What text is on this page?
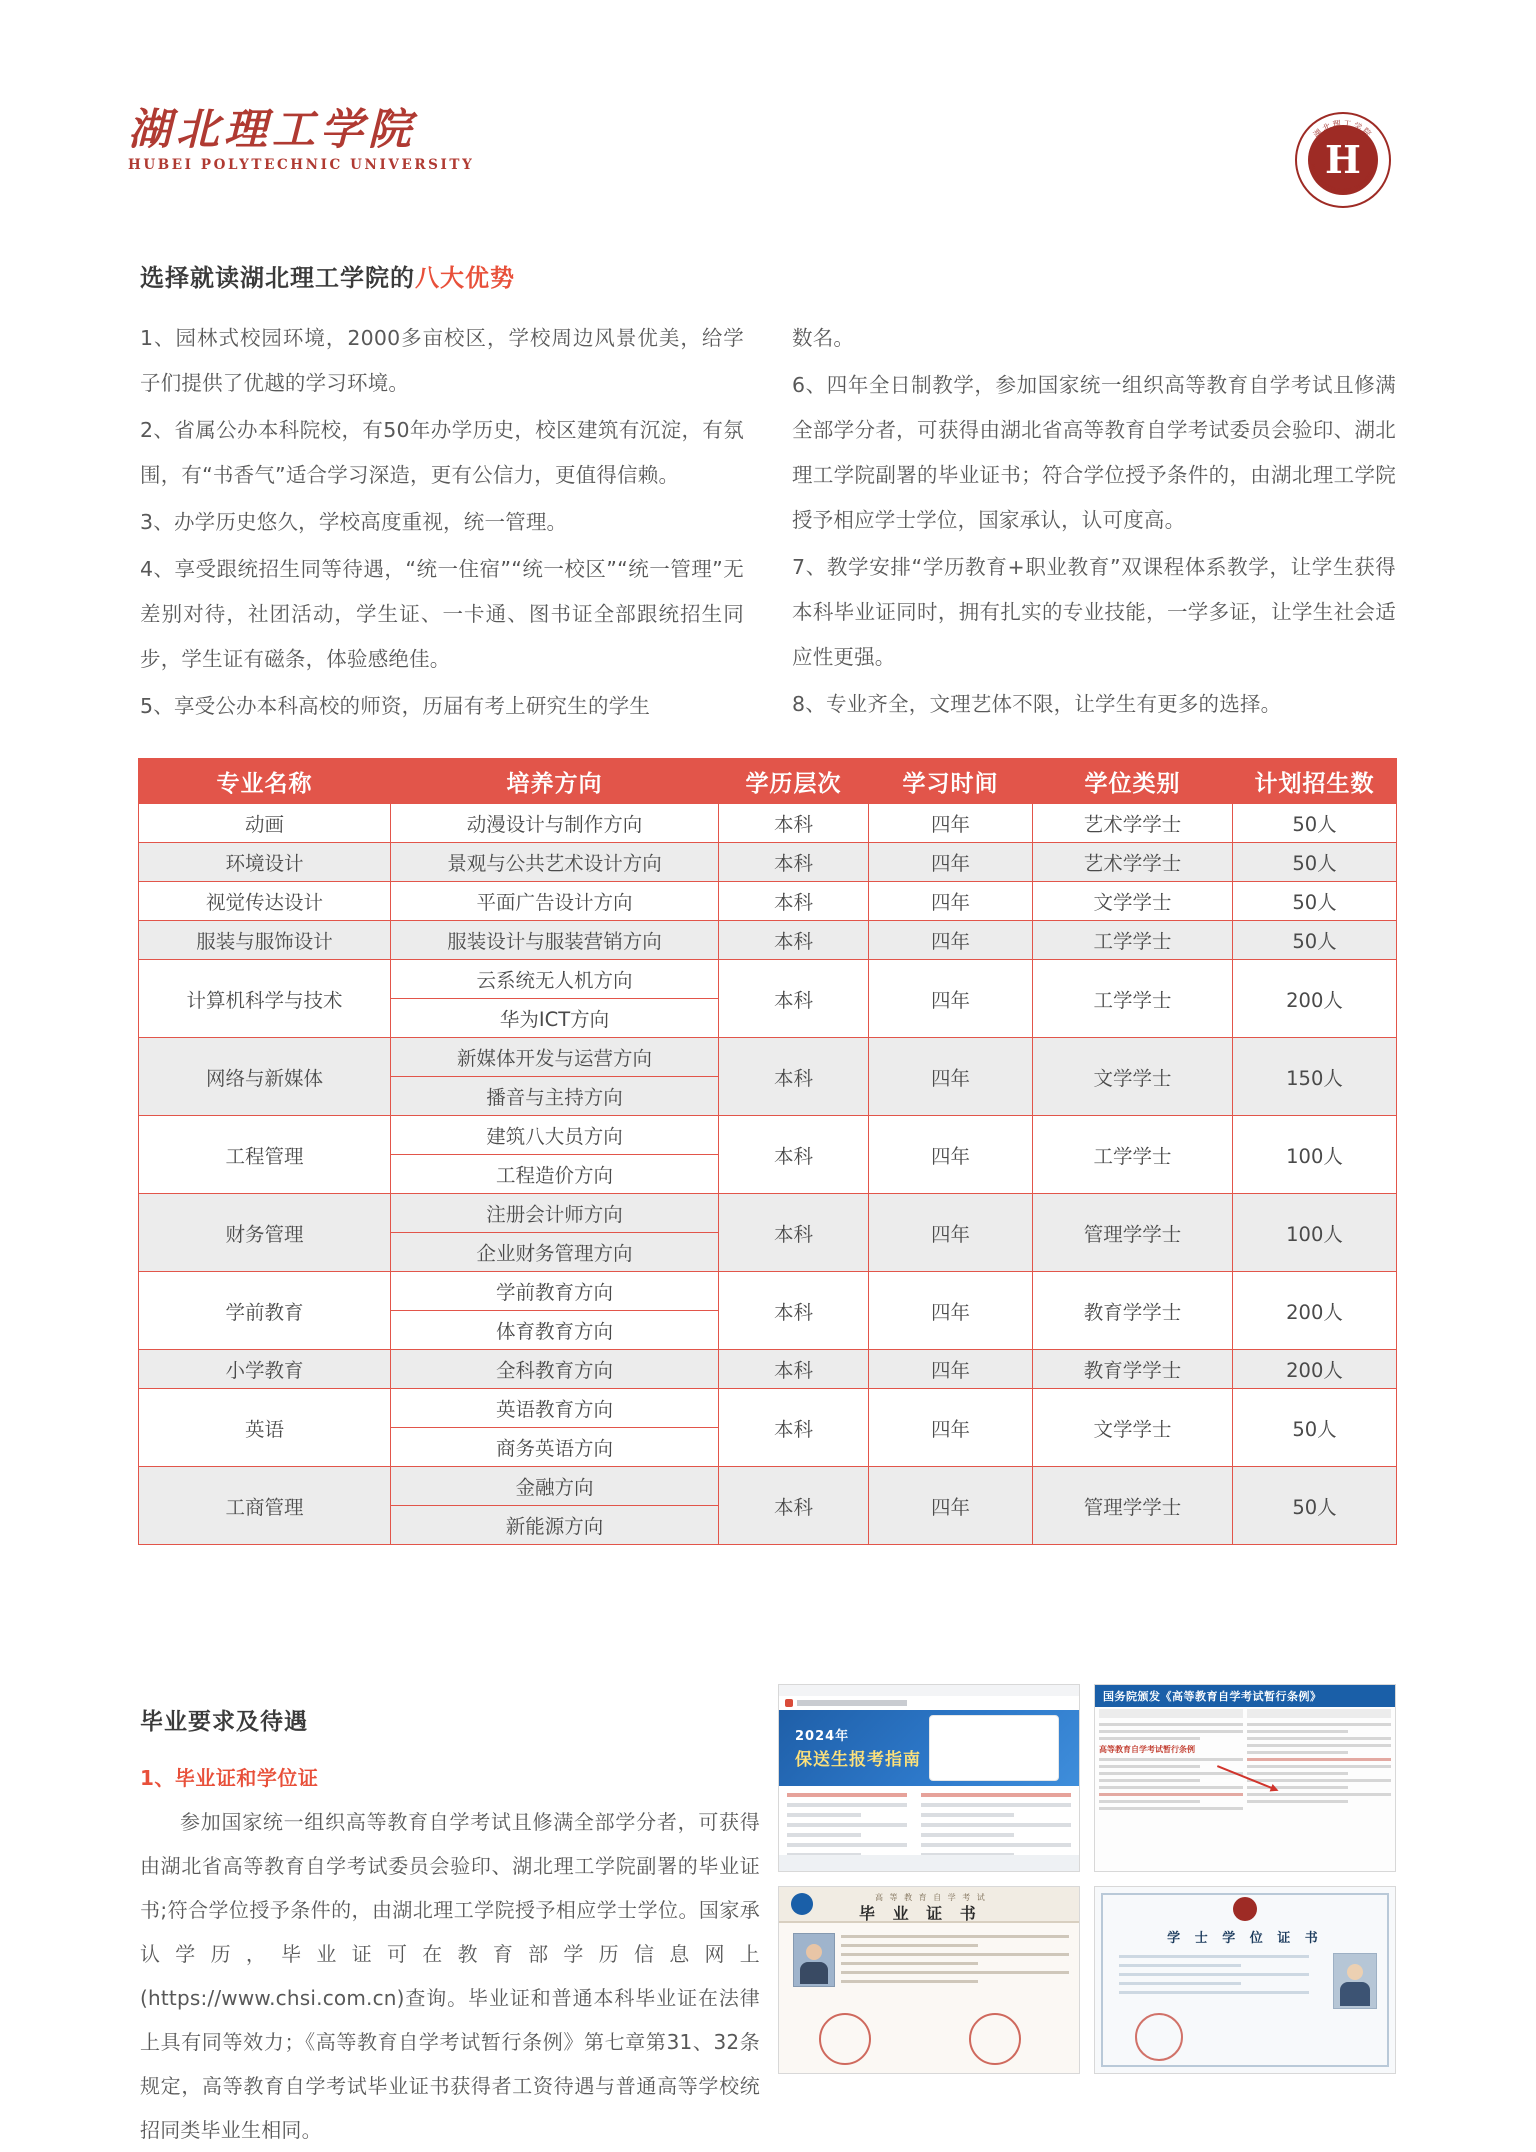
湖北理工学院
HUBEI POLYTECHNIC UNIVERSITY	H
湖北理工学院
HUBEI POLYTECHNIC UNIVERSITY
选择就读湖北理工学院的八大优势

1、园林式校园环境，2000多亩校区，学校周边风景优美，给学子们提供了优越的学习环境。

2、省属公办本科院校，有50年办学历史，校区建筑有沉淀，有氛围，有“书香气”适合学习深造，更有公信力，更值得信赖。

3、办学历史悠久，学校高度重视，统一管理。

4、享受跟统招生同等待遇，“统一住宿”“统一校区”“统一管理”无差别对待，社团活动，学生证、一卡通、图书证全部跟统招生同步，学生证有磁条，体验感绝佳。

5、享受公办本科高校的师资，历届有考上研究生的学生

数名。

6、四年全日制教学，参加国家统一组织高等教育自学考试且修满全部学分者，可获得由湖北省高等教育自学考试委员会验印、湖北理工学院副署的毕业证书；符合学位授予条件的，由湖北理工学院授予相应学士学位，国家承认，认可度高。

7、教学安排“学历教育+职业教育”双课程体系教学，让学生获得本科毕业证同时，拥有扎实的专业技能，一学多证，让学生社会适应性更强。

8、专业齐全，文理艺体不限，让学生有更多的选择。

专业名称	培养方向	学历层次	学习时间	学位类别	计划招生数
动画	动漫设计与制作方向	本科	四年	艺术学学士	50人
环境设计	景观与公共艺术设计方向	本科	四年	艺术学学士	50人
视觉传达设计	平面广告设计方向	本科	四年	文学学士	50人
服装与服饰设计	服装设计与服装营销方向	本科	四年	工学学士	50人
计算机科学与技术	云系统无人机方向	本科	四年	工学学士	200人
	华为ICT方向				
网络与新媒体	新媒体开发与运营方向	本科	四年	文学学士	150人
	播音与主持方向				
工程管理	建筑八大员方向	本科	四年	工学学士	100人
	工程造价方向				
财务管理	注册会计师方向	本科	四年	管理学学士	100人
	企业财务管理方向				
学前教育	学前教育方向	本科	四年	教育学学士	200人
	体育教育方向				
小学教育	全科教育方向	本科	四年	教育学学士	200人
英语	英语教育方向	本科	四年	文学学士	50人
	商务英语方向				
工商管理	金融方向	本科	四年	管理学学士	50人
	新能源方向				
毕业要求及待遇
1、毕业证和学位证

参加国家统一组织高等教育自学考试且修满全部学分者，可获得由湖北省高等教育自学考试委员会验印、湖北理工学院副署的毕业证书;符合学位授予条件的，由湖北理工学院授予相应学士学位。国家承认学历，毕业证可在教育部学历信息网上(https://www.chsi.com.cn)查询。毕业证和普通本科毕业证在法律上具有同等效力；《高等教育自学考试暂行条例》第七章第31、32条规定，高等教育自学考试毕业证书获得者工资待遇与普通高等学校统招同类毕业生相同。

2024年
保送生报考指南
国务院颁发《高等教育自学考试暂行条例》
高等教育自学考试暂行条例
高 等 教 育 自 学 考 试
毕 业 证 书
学 士 学 位 证 书
